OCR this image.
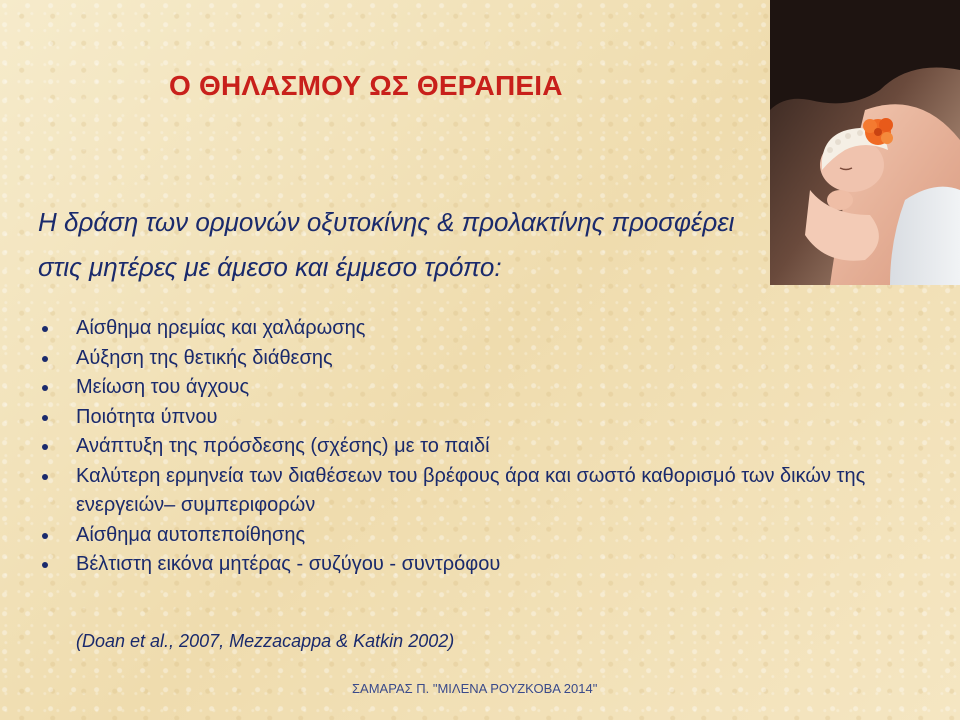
Ο ΘΗΛΑΣΜΟΥ ΩΣ ΘΕΡΑΠΕΙΑ
Η δράση των ορμονών οξυτοκίνης & προλακτίνης προσφέρει στις μητέρες με άμεσο και έμμεσο τρόπο:
Αίσθημα ηρεμίας και χαλάρωσης
Αύξηση της θετικής διάθεσης
Μείωση του άγχους
Ποιότητα ύπνου
Ανάπτυξη της πρόσδεσης (σχέσης) με το παιδί
Καλύτερη ερμηνεία των διαθέσεων του βρέφους άρα και σωστό καθορισμό των δικών της ενεργειών– συμπεριφορών
Αίσθημα αυτοπεποίθησης
Βέλτιστη εικόνα μητέρας - συζύγου - συντρόφου
(Doan et al., 2007, Mezzacappa & Katkin 2002)
ΣΑΜΑΡΑΣ Π. "ΜΙΛΕΝΑ ΡΟΥΖΚΟΒΑ 2014"
